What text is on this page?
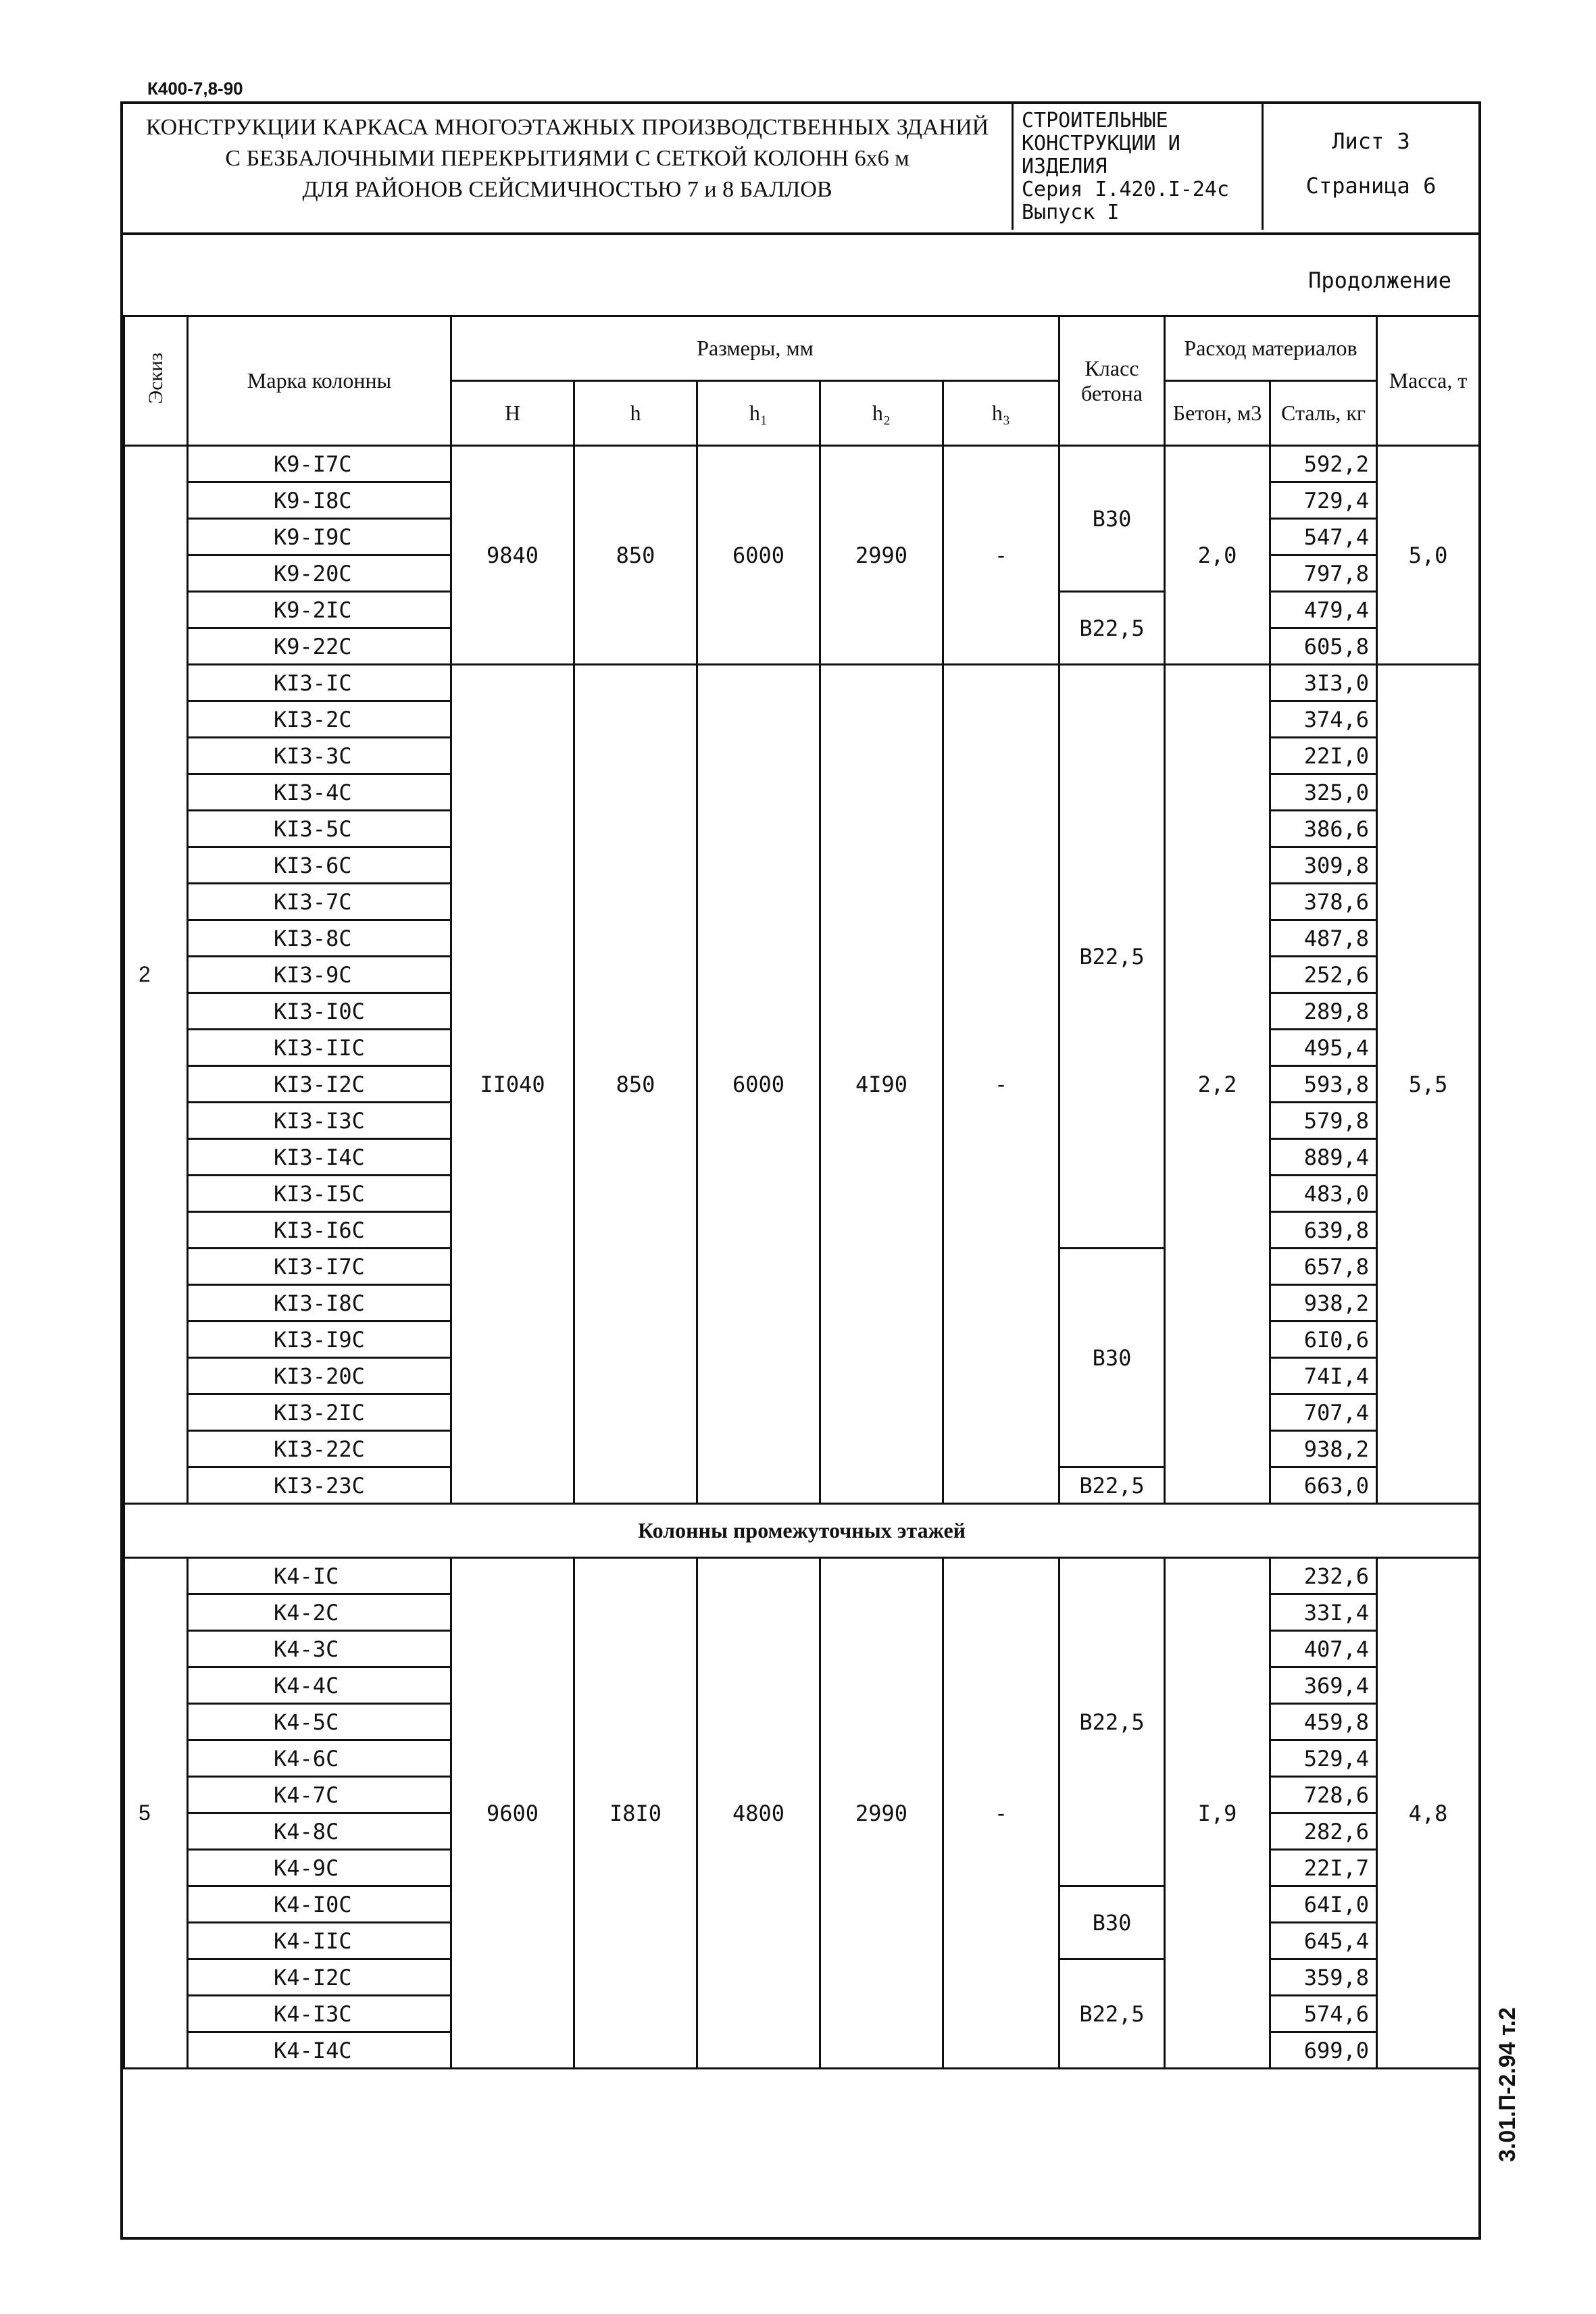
К400-7,8-90
3.01.П-2.94 т.2
КОНСТРУКЦИИ КАРКАСА МНОГОЭТАЖНЫХ ПРОИЗВОДСТВЕННЫХ ЗДАНИЙ
С БЕЗБАЛОЧНЫМИ ПЕРЕКРЫТИЯМИ С СЕТКОЙ КОЛОНН 6х6 м
ДЛЯ РАЙОНОВ СЕЙСМИЧНОСТЬЮ 7 и 8 БАЛЛОВ
СТРОИТЕЛЬНЫЕ
КОНСТРУКЦИИ И
ИЗДЕЛИЯ
Серия I.420.I-24с
Выпуск I
Лист 3
Страница 6
Продолжение
Эскиз	Марка колонны	Размеры, мм					Класс бетона	Расход материалов		Масса, т
		H	h	h₁	h₂	h₃		Бетон, м3	Сталь, кг	
2	К9-I7С	9840	850	6000	2990	-	В30	2,0	592,2	5,0
	К9-I8С								729,4	
	К9-I9С								547,4	
	К9-20С								797,8	
	К9-2IС						В22,5		479,4	
	К9-22С								605,8	
	КI3-IС	II040	850	6000	4I90	-	В22,5	2,2	3I3,0	5,5
	КI3-2С								374,6	
	КI3-3С								22I,0	
	КI3-4С								325,0	
	КI3-5С								386,6	
	КI3-6С								309,8	
	КI3-7С								378,6	
	КI3-8С								487,8	
	КI3-9С								252,6	
	КI3-I0С								289,8	
	КI3-IIС								495,4	
	КI3-I2С								593,8	
	КI3-I3С								579,8	
	КI3-I4С								889,4	
	КI3-I5С								483,0	
	КI3-I6С								639,8	
	КI3-I7С						В30		657,8	
	КI3-I8С								938,2	
	КI3-I9С								6I0,6	
	КI3-20С								74I,4	
	КI3-2IС								707,4	
	КI3-22С								938,2	
	КI3-23С						В22,5		663,0	
Колонны промежуточных этажей										
5	К4-IС	9600	I8I0	4800	2990	-	В22,5	I,9	232,6	4,8
	К4-2С								33I,4	
	К4-3С								407,4	
	К4-4С								369,4	
	К4-5С								459,8	
	К4-6С								529,4	
	К4-7С								728,6	
	К4-8С								282,6	
	К4-9С								22I,7	
	К4-I0С						В30		64I,0	
	К4-IIС								645,4	
	К4-I2С						В22,5		359,8	
	К4-I3С								574,6	
	К4-I4С								699,0	
